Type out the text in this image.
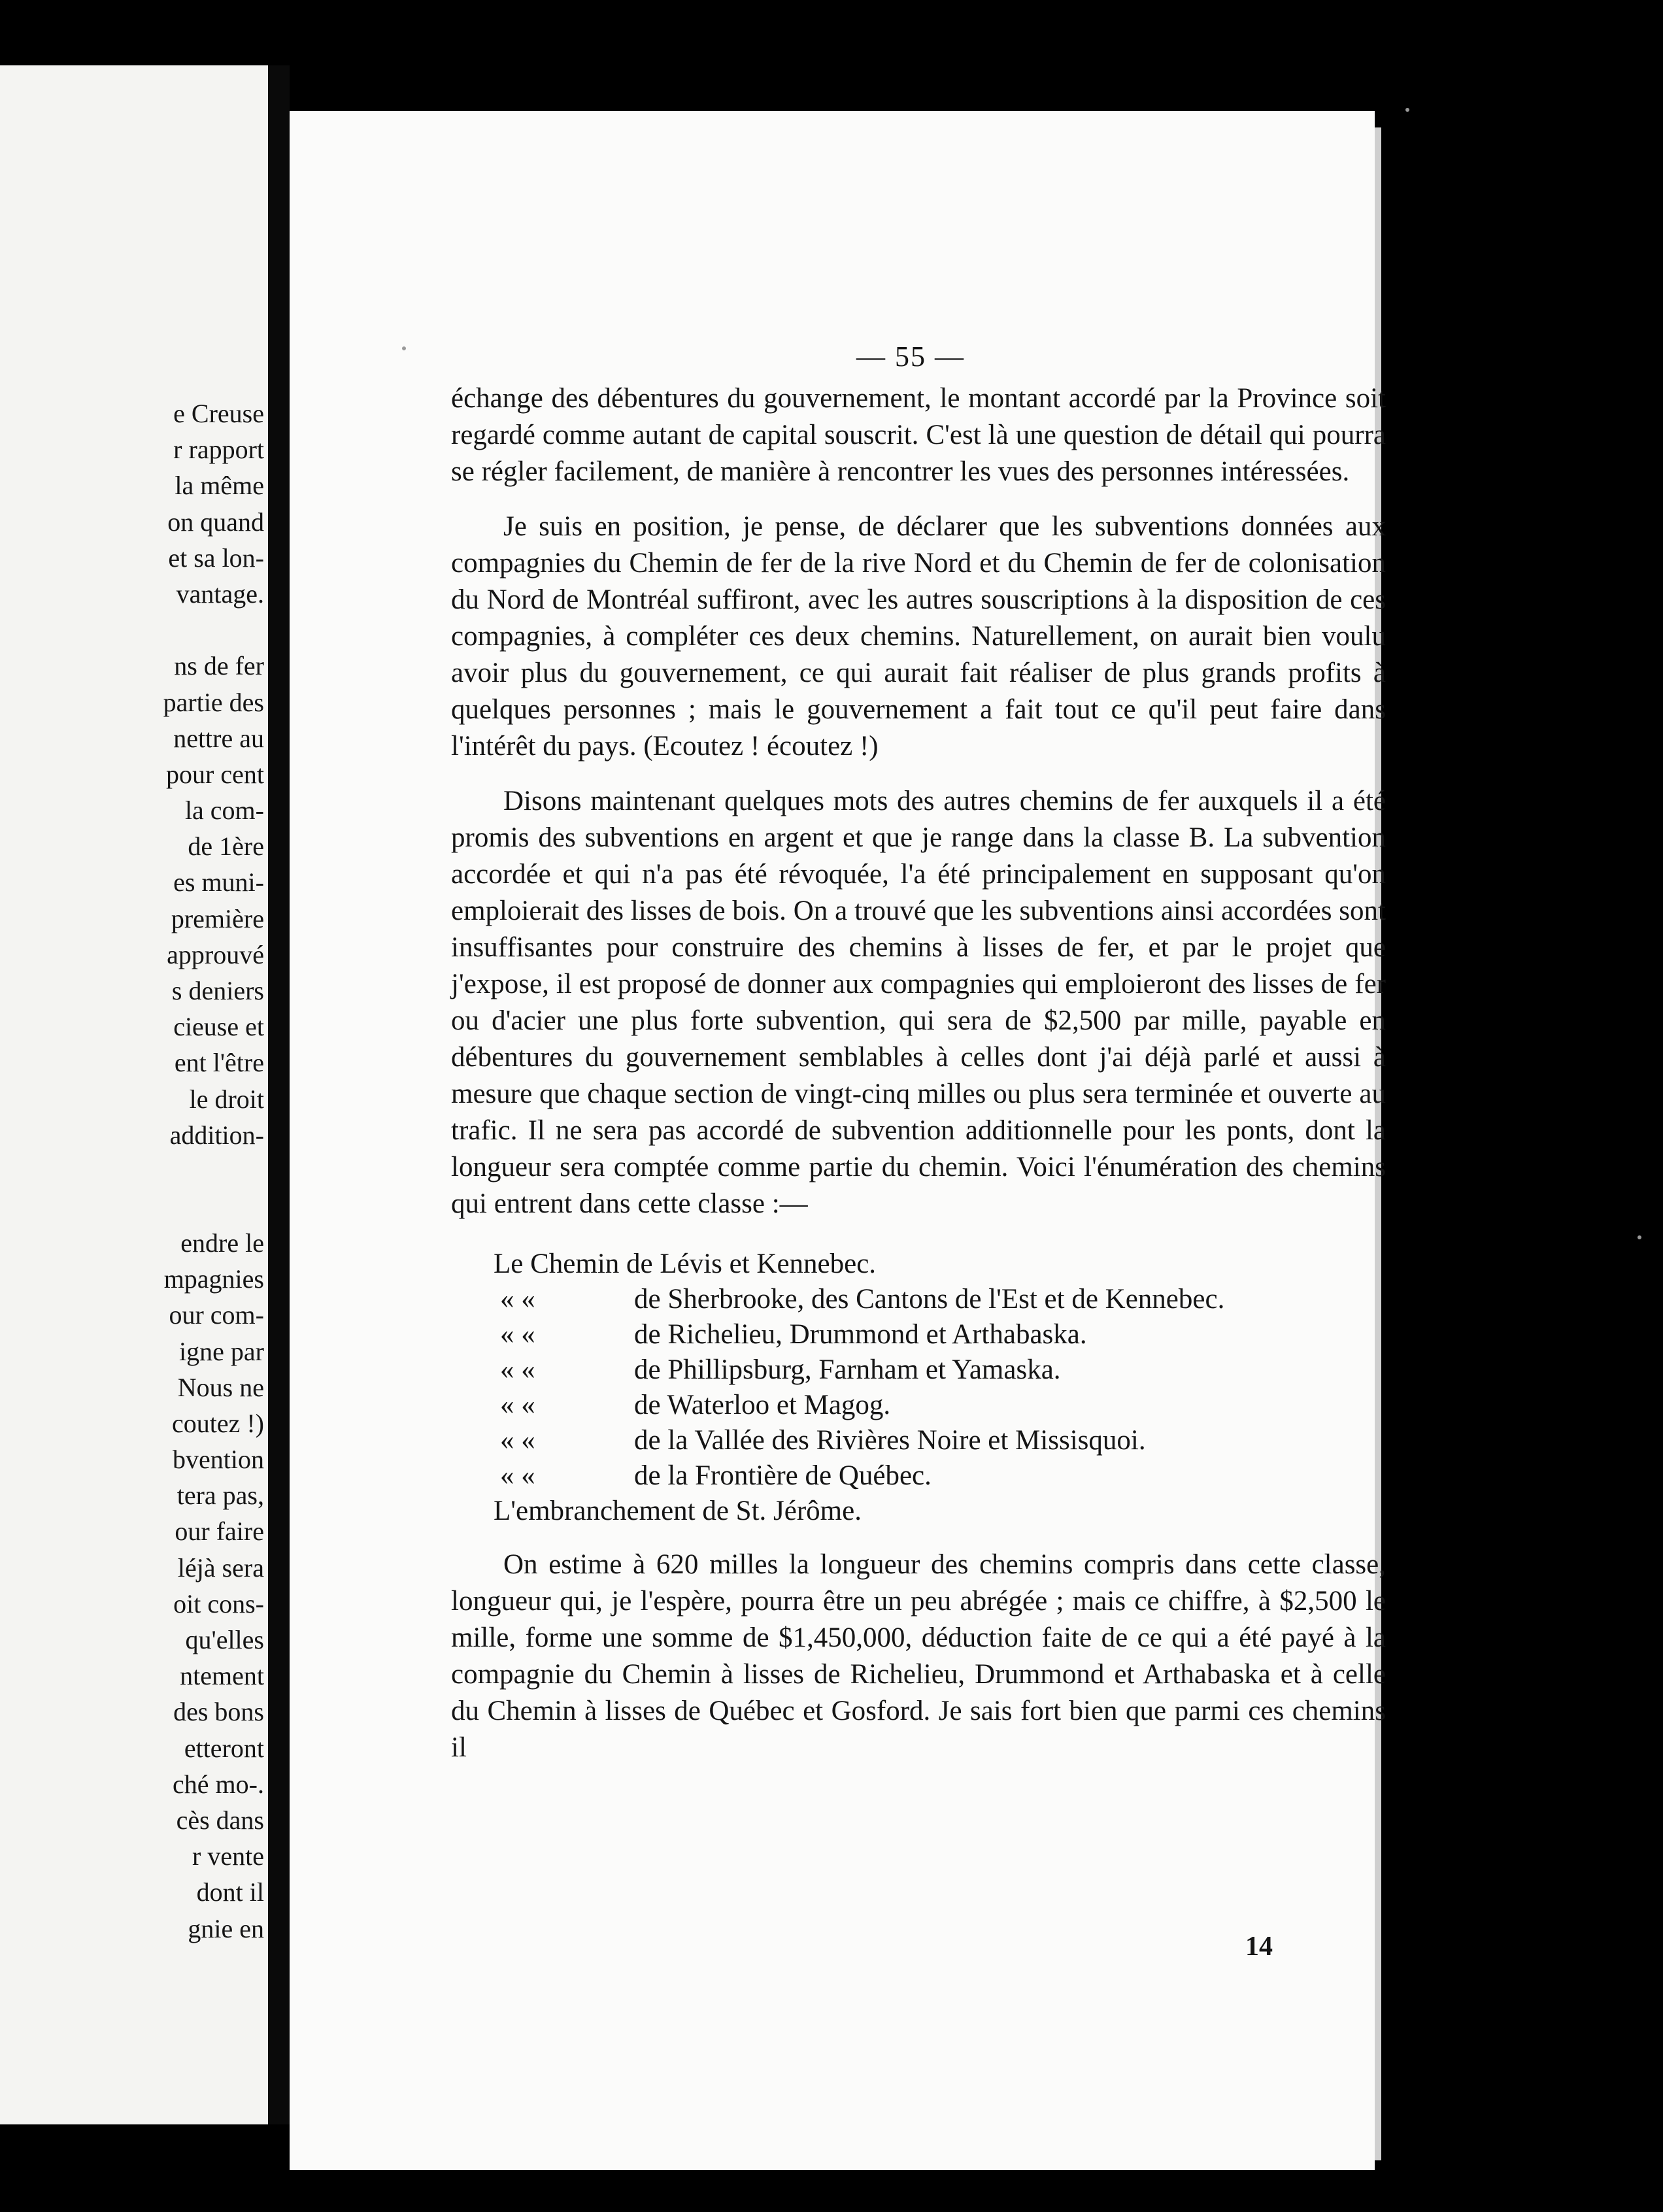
e Creuse
r rapport
la même
on quand
et sa lon-
vantage.
ns de fer
partie des
nettre au
pour cent
la com-
de 1ère
es muni-
première
approuvé
s deniers
cieuse et
ent l'être
le droit
addition-
endre le
mpagnies
our com-
igne par
Nous ne
coutez !)
bvention
tera pas,
our faire
léjà sera
oit cons-
qu'elles
ntement
des bons
etteront
ché mo-.
cès dans
r vente
dont il
gnie en
— 55 —

échange des débentures du gouvernement, le montant accordé par la Province soit regardé comme autant de capital souscrit. C'est là une question de détail qui pourra se régler facilement, de manière à rencontrer les vues des personnes intéressées.

Je suis en position, je pense, de déclarer que les subventions données aux compagnies du Chemin de fer de la rive Nord et du Chemin de fer de colonisation du Nord de Montréal suffiront, avec les autres souscriptions à la disposition de ces compagnies, à compléter ces deux chemins. Naturellement, on aurait bien voulu avoir plus du gouvernement, ce qui aurait fait réaliser de plus grands profits à quelques personnes ; mais le gouvernement a fait tout ce qu'il peut faire dans l'intérêt du pays. (Ecoutez ! écoutez !)

Disons maintenant quelques mots des autres chemins de fer auxquels il a été promis des subventions en argent et que je range dans la classe B. La subvention accordée et qui n'a pas été révoquée, l'a été principalement en supposant qu'on emploierait des lisses de bois. On a trouvé que les subventions ainsi accordées sont insuffisantes pour construire des chemins à lisses de fer, et par le projet que j'expose, il est proposé de donner aux compagnies qui emploieront des lisses de fer ou d'acier une plus forte subvention, qui sera de $2,500 par mille, payable en débentures du gouvernement semblables à celles dont j'ai déjà parlé et aussi à mesure que chaque section de vingt-cinq milles ou plus sera terminée et ouverte au trafic. Il ne sera pas accordé de subvention additionnelle pour les ponts, dont la longueur sera comptée comme partie du chemin. Voici l'énumération des chemins qui entrent dans cette classe :—

Le Chemin de Lévis et Kennebec.
« «	de Sherbrooke, des Cantons de l'Est et de Kennebec.
« «	de Richelieu, Drummond et Arthabaska.
« «	de Phillipsburg, Farnham et Yamaska.
« «	de Waterloo et Magog.
« «	de la Vallée des Rivières Noire et Missisquoi.
« «	de la Frontière de Québec.
L'embranchement de St. Jérôme.

On estime à 620 milles la longueur des chemins compris dans cette classe, longueur qui, je l'espère, pourra être un peu abrégée ; mais ce chiffre, à $2,500 le mille, forme une somme de $1,450,000, déduction faite de ce qui a été payé à la compagnie du Chemin à lisses de Richelieu, Drummond et Arthabaska et à celle du Chemin à lisses de Québec et Gosford. Je sais fort bien que parmi ces chemins il

14
